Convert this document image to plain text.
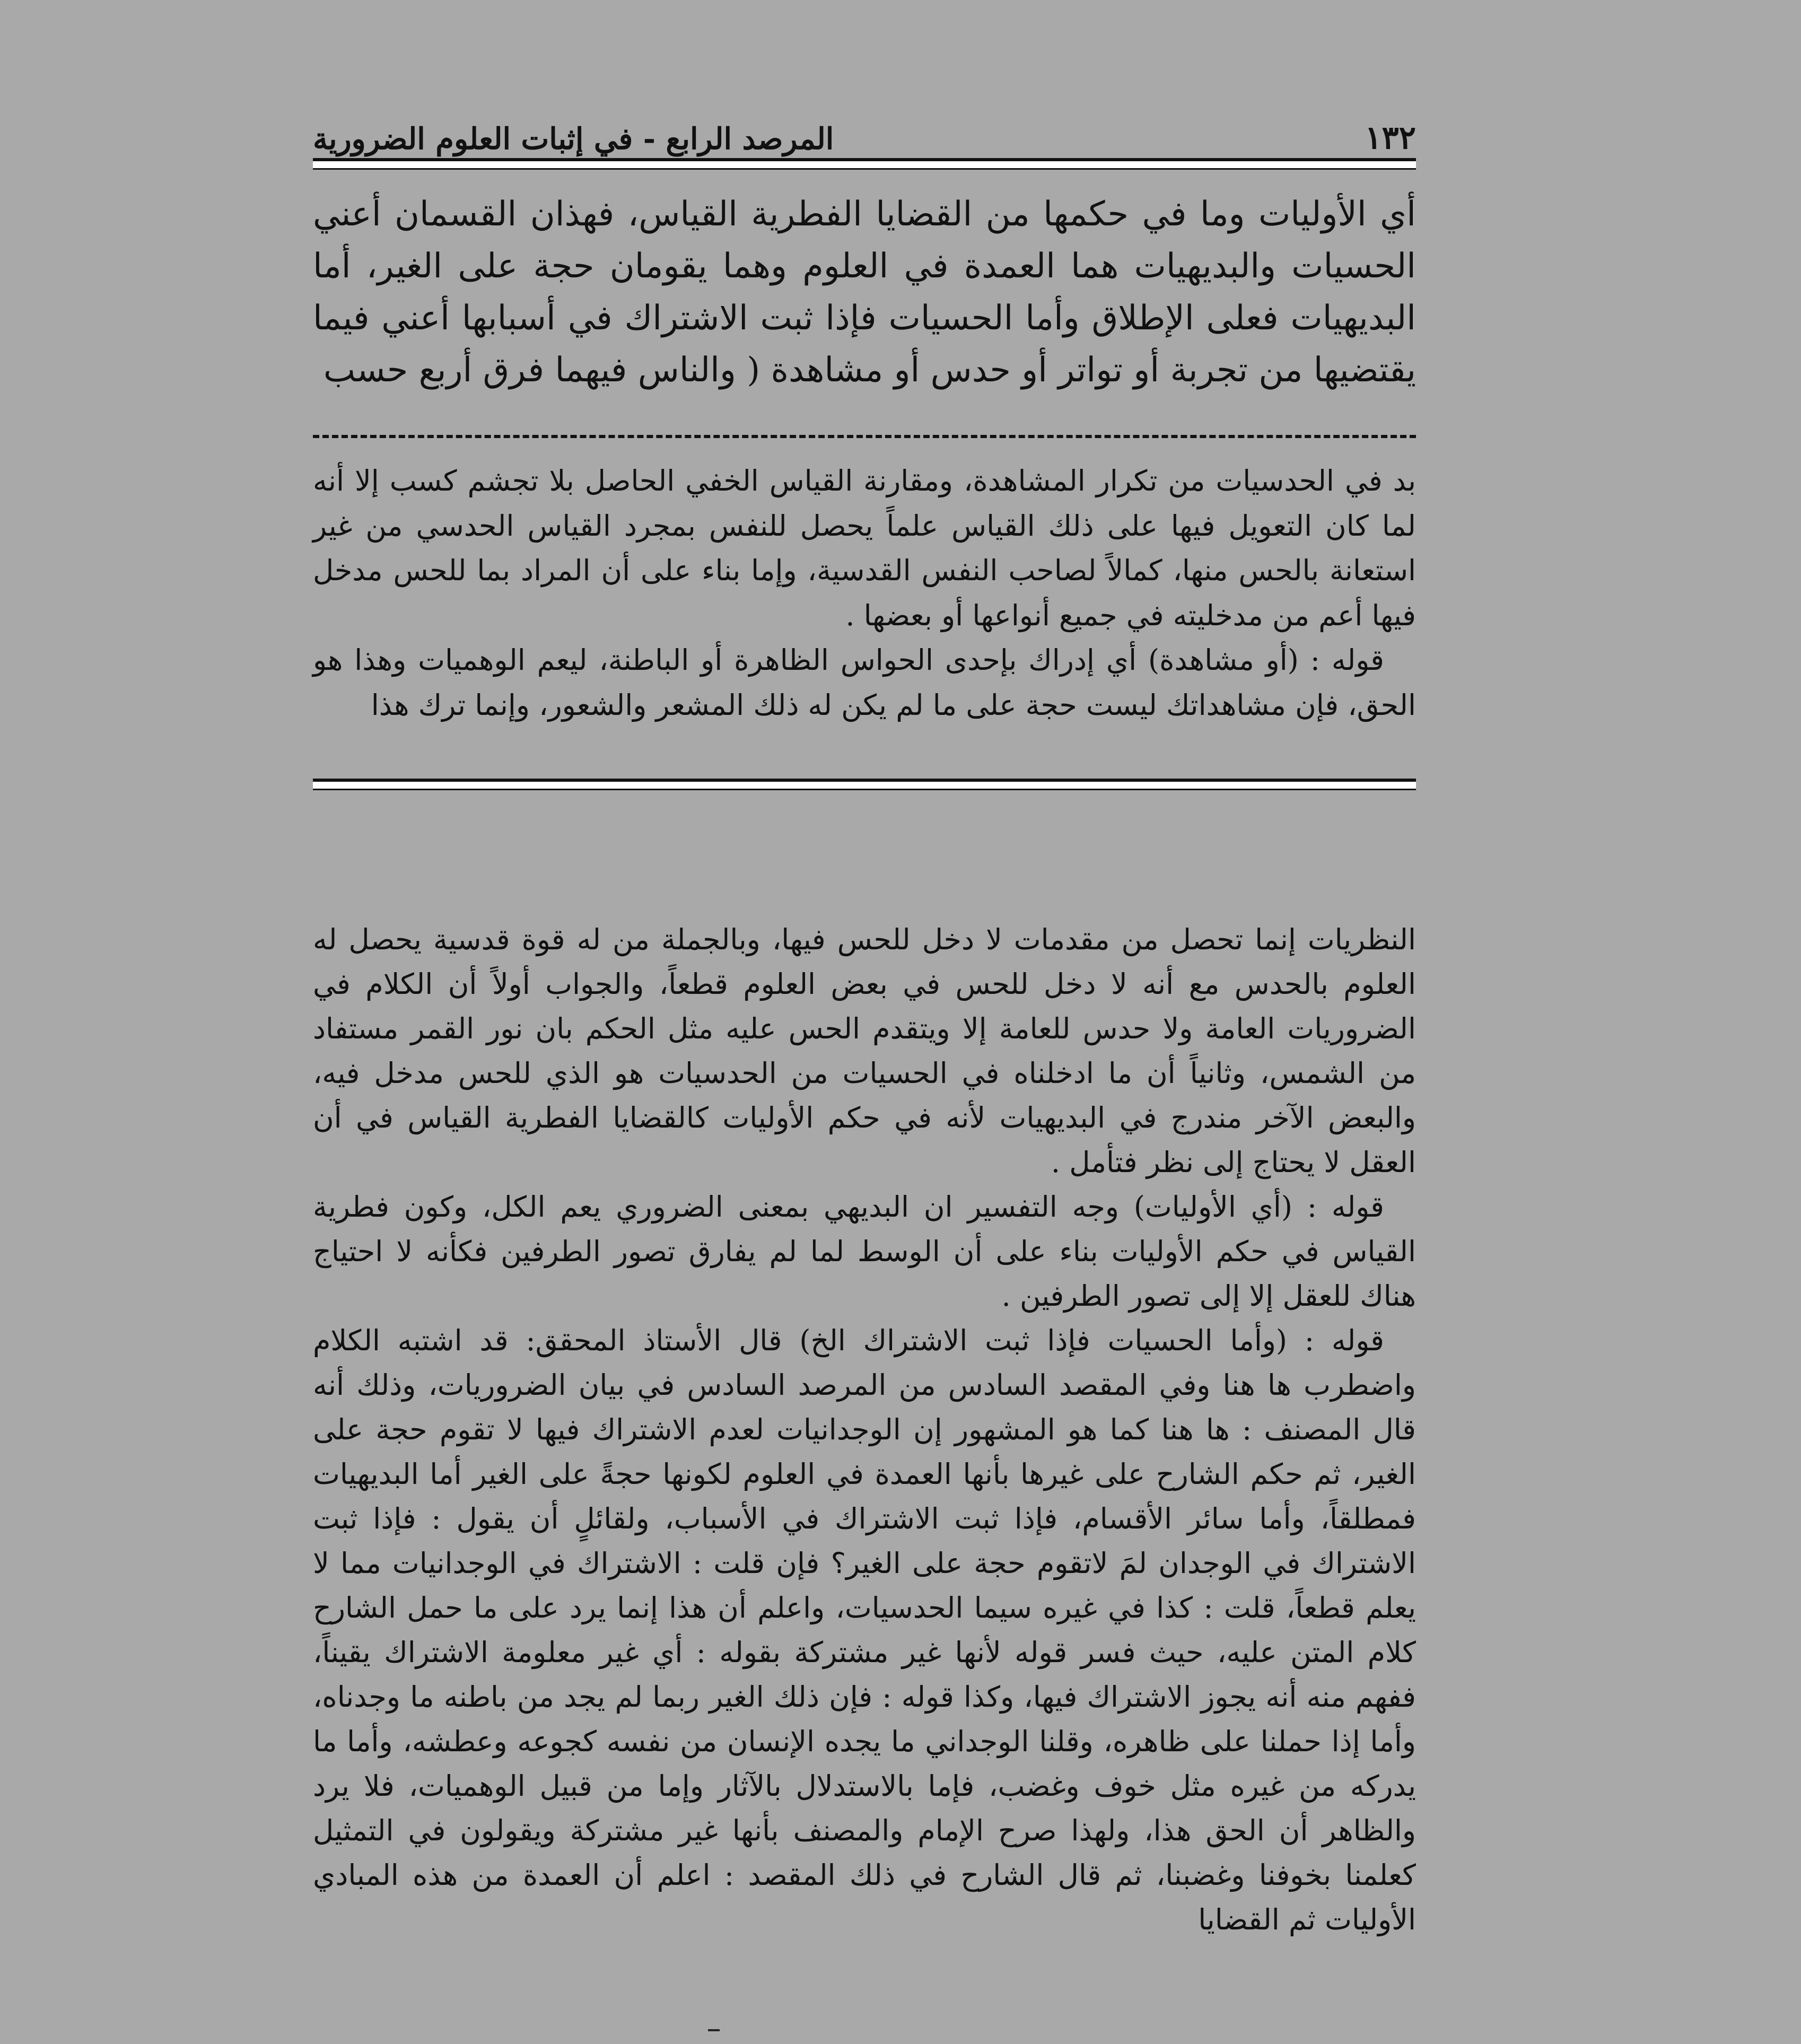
١٣٢
المرصد الرابع - في إثبات العلوم الضرورية

أي الأوليات وما في حكمها من القضايا الفطرية القياس، فهذان القسمان أعني الحسيات والبديهيات هما العمدة في العلوم وهما يقومان حجة على الغير، أما البديهيات فعلى الإطلاق وأما الحسيات فإذا ثبت الاشتراك في أسبابها أعني فيما يقتضيها من تجربة أو تواتر أو حدس أو مشاهدة ( والناس فيهما فرق أربع حسب

بد في الحدسيات من تكرار المشاهدة، ومقارنة القياس الخفي الحاصل بلا تجشم كسب إلا أنه لما كان التعويل فيها على ذلك القياس علماً يحصل للنفس بمجرد القياس الحدسي من غير استعانة بالحس منها، كمالاً لصاحب النفس القدسية، وإما بناء على أن المراد بما للحس مدخل فيها أعم من مدخليته في جميع أنواعها أو بعضها .

قوله : (أو مشاهدة) أي إدراك بإحدى الحواس الظاهرة أو الباطنة، ليعم الوهميات وهذا هو الحق، فإن مشاهداتك ليست حجة على ما لم يكن له ذلك المشعر والشعور، وإنما ترك هذا

النظريات إنما تحصل من مقدمات لا دخل للحس فيها، وبالجملة من له قوة قدسية يحصل له العلوم بالحدس مع أنه لا دخل للحس في بعض العلوم قطعاً، والجواب أولاً أن الكلام في الضروريات العامة ولا حدس للعامة إلا ويتقدم الحس عليه مثل الحكم بان نور القمر مستفاد من الشمس، وثانياً أن ما ادخلناه في الحسيات من الحدسيات هو الذي للحس مدخل فيه، والبعض الآخر مندرج في البديهيات لأنه في حكم الأوليات كالقضايا الفطرية القياس في أن العقل لا يحتاج إلى نظر فتأمل .

قوله : (أي الأوليات) وجه التفسير ان البديهي بمعنى الضروري يعم الكل، وكون فطرية القياس في حكم الأوليات بناء على أن الوسط لما لم يفارق تصور الطرفين فكأنه لا احتياج هناك للعقل إلا إلى تصور الطرفين .

قوله : (وأما الحسيات فإذا ثبت الاشتراك الخ) قال الأستاذ المحقق: قد اشتبه الكلام واضطرب ها هنا وفي المقصد السادس من المرصد السادس في بيان الضروريات، وذلك أنه قال المصنف : ها هنا كما هو المشهور إن الوجدانيات لعدم الاشتراك فيها لا تقوم حجة على الغير، ثم حكم الشارح على غيرها بأنها العمدة في العلوم لكونها حجةً على الغير أما البديهيات فمطلقاً، وأما سائر الأقسام، فإذا ثبت الاشتراك في الأسباب، ولقائلٍ أن يقول : فإذا ثبت الاشتراك في الوجدان لمَ لاتقوم حجة على الغير؟ فإن قلت : الاشتراك في الوجدانيات مما لا يعلم قطعاً، قلت : كذا في غيره سيما الحدسيات، واعلم أن هذا إنما يرد على ما حمل الشارح كلام المتن عليه، حيث فسر قوله لأنها غير مشتركة بقوله : أي غير معلومة الاشتراك يقيناً، ففهم منه أنه يجوز الاشتراك فيها، وكذا قوله : فإن ذلك الغير ربما لم يجد من باطنه ما وجدناه، وأما إذا حملنا على ظاهره، وقلنا الوجداني ما يجده الإنسان من نفسه كجوعه وعطشه، وأما ما يدركه من غيره مثل خوف وغضب، فإما بالاستدلال بالآثار وإما من قبيل الوهميات، فلا يرد والظاهر أن الحق هذا، ولهذا صرح الإمام والمصنف بأنها غير مشتركة ويقولون في التمثيل كعلمنا بخوفنا وغضبنا، ثم قال الشارح في ذلك المقصد : اعلم أن العمدة من هذه المبادي الأوليات ثم القضايا
